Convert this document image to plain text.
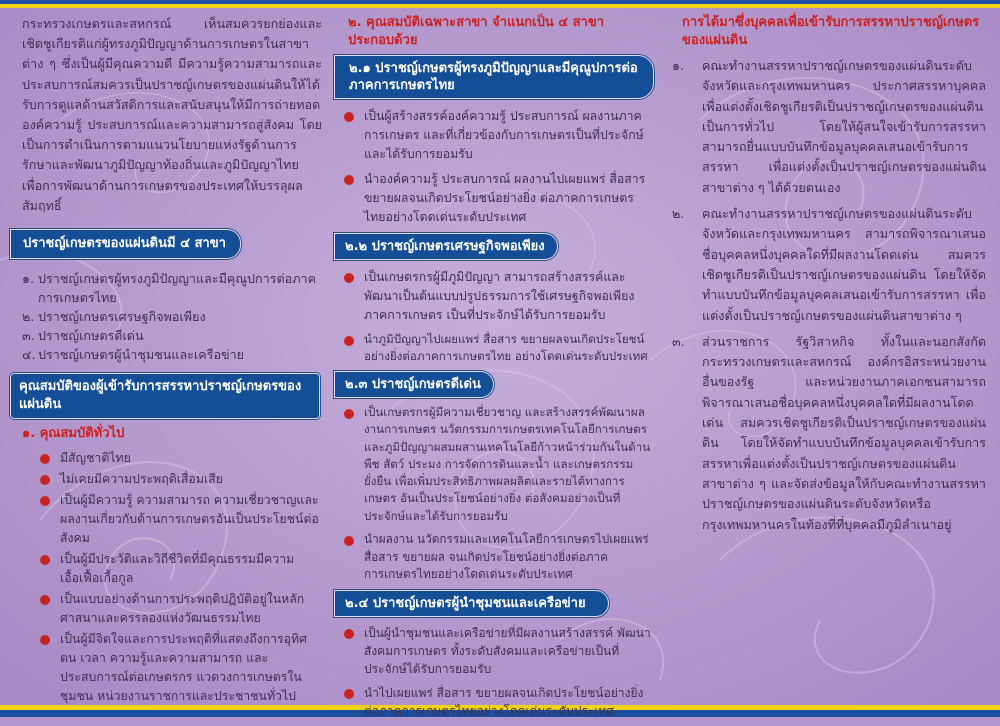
กระทรวงเกษตรและสหกรณ์ เห็นสมควรยกย่องและเชิดชูเกียรติแก่ผู้ทรงภูมิปัญญาด้านการเกษตรในสาขาต่าง ๆ ซึ่งเป็นผู้มีคุณความดี มีความรู้ความสามารถและประสบการณ์สมควรเป็นปราชญ์เกษตรของแผ่นดินให้ได้รับการดูแลด้านสวัสดิการและสนับสนุนให้มีการถ่ายทอดองค์ความรู้ ประสบการณ์และความสามารถสู่สังคม โดยเป็นการดำเนินการตามแนวนโยบายแห่งรัฐด้านการรักษาและพัฒนาภูมิปัญญาท้องถิ่นและภูมิปัญญาไทย เพื่อการพัฒนาด้านการเกษตรของประเทศให้บรรลุผลสัมฤทธิ์

ปราชญ์เกษตรของแผ่นดินมี ๔ สาขา
๑. ปราชญ์เกษตรผู้ทรงภูมิปัญญาและมีคุณูปการต่อภาคการเกษตรไทย
๒. ปราชญ์เกษตรเศรษฐกิจพอเพียง
๓. ปราชญ์เกษตรดีเด่น
๔. ปราชญ์เกษตรผู้นำชุมชนและเครือข่าย
คุณสมบัติของผู้เข้ารับการสรรหาปราชญ์เกษตรของแผ่นดิน

๑. คุณสมบัติทั่วไป

มีสัญชาติไทย
ไม่เคยมีความประพฤติเสื่อมเสีย
เป็นผู้มีความรู้ ความสามารถ ความเชี่ยวชาญและผลงานเกี่ยวกับด้านการเกษตรอันเป็นประโยชน์ต่อสังคม
เป็นผู้มีประวัติและวิถีชีวิตที่มีคุณธรรมมีความเอื้อเฟื้อเกื้อกูล
เป็นแบบอย่างด้านการประพฤติปฏิบัติอยู่ในหลักศาสนาและครรลองแห่งวัฒนธรรมไทย
เป็นผู้มีจิตใจและการประพฤติที่แสดงถึงการอุทิศตน เวลา ความรู้และความสามารถ และประสบการณ์ต่อเกษตรกร แวดวงการเกษตรในชุมชน หน่วยงานราชการและประชาชนทั่วไป

๒. คุณสมบัติเฉพาะสาขา จำแนกเป็น ๔ สาขา ประกอบด้วย

๒.๑ ปราชญ์เกษตรผู้ทรงภูมิปัญญาและมีคุณูปการต่อภาคการเกษตรไทย
เป็นผู้สร้างสรรค์องค์ความรู้ ประสบการณ์ ผลงานภาคการเกษตร และที่เกี่ยวข้องกับการเกษตรเป็นที่ประจักษ์และได้รับการยอมรับ
นำองค์ความรู้ ประสบการณ์ ผลงานไปเผยแพร่ สื่อสาร ขยายผลจนเกิดประโยชน์อย่างยิ่ง ต่อภาคการเกษตรไทยอย่างโดดเด่นระดับประเทศ
๒.๒ ปราชญ์เกษตรเศรษฐกิจพอเพียง
เป็นเกษตรกรผู้มีภูมิปัญญา สามารถสร้างสรรค์และพัฒนาเป็นต้นแบบปรูปธรรมการใช้เศรษฐกิจพอเพียงภาคการเกษตร เป็นที่ประจักษ์ได้รับการยอมรับ
นำภูมิปัญญาไปเผยแพร่ สื่อสาร ขยายผลจนเกิดประโยชน์อย่างยิ่งต่อภาคการเกษตรไทย อย่างโดดเด่นระดับประเทศ
๒.๓ ปราชญ์เกษตรดีเด่น
เป็นเกษตรกรผู้มีความเชี่ยวชาญ และสร้างสรรค์พัฒนาผลงานการเกษตร นวัตกรรมการเกษตรเทคโนโลยีการเกษตร และภูมิปัญญาผสมผสานเทคโนโลยีก้าวหน้าร่วมกันในด้านพืช สัตว์ ประมง การจัดการดินและน้ำ และเกษตรกรรมยั่งยืน เพื่อเพิ่มประสิทธิภาพผลผลิตและรายได้ทางการเกษตร อันเป็นประโยชน์อย่างยิ่ง ต่อสังคมอย่างเป็นที่ประจักษ์และได้รับการยอมรับ
นำผลงาน นวัตกรรมและเทคโนโลยีการเกษตรไปเผยแพร่ สื่อสาร ขยายผล จนเกิดประโยชน์อย่างยิ่งต่อภาคการเกษตรไทยอย่างโดดเด่นระดับประเทศ
๒.๔ ปราชญ์เกษตรผู้นำชุมชนและเครือข่าย
เป็นผู้นำชุมชนและเครือข่ายที่มีผลงานสร้างสรรค์ พัฒนาสังคมการเกษตร ทั้งระดับสังคมและเครือข่ายเป็นที่ประจักษ์ได้รับการยอมรับ
นำไปเผยแพร่ สื่อสาร ขยายผลจนเกิดประโยชน์อย่างยิ่งต่อภาคการเกษตรไทยอย่างโดดเด่นระดับประเทศ

การได้มาซึ่งบุคคลเพื่อเข้ารับการสรรหาปราชญ์เกษตรของแผ่นดิน

๑.	คณะทำงานสรรหาปราชญ์เกษตรของแผ่นดินระดับจังหวัดและกรุงเทพมหานคร ประกาศสรรหาบุคคลเพื่อแต่งตั้งเชิดชูเกียรติเป็นปราชญ์เกษตรของแผ่นดินเป็นการทั่วไป โดยให้ผู้สนใจเข้ารับการสรรหาสามารถยื่นแบบบันทึกข้อมูลบุคคลเสนอเข้ารับการสรรหา เพื่อแต่งตั้งเป็นปราชญ์เกษตรของแผ่นดินสาขาต่าง ๆ ได้ด้วยตนเอง
๒.	คณะทำงานสรรหาปราชญ์เกษตรของแผ่นดินระดับจังหวัดและกรุงเทพมหานคร สามารถพิจารณาเสนอชื่อบุคคลหนึ่งบุคคลใดที่มีผลงานโดดเด่น สมควรเชิดชูเกียรติเป็นปราชญ์เกษตรของแผ่นดิน โดยให้จัดทำแบบบันทึกข้อมูลบุคคลเสนอเข้ารับการสรรหา เพื่อแต่งตั้งเป็นปราชญ์เกษตรของแผ่นดินสาขาต่าง ๆ
๓.	ส่วนราชการ รัฐวิสาหกิจ ทั้งในและนอกสังกัดกระทรวงเกษตรและสหกรณ์ องค์กรอิสระหน่วยงานอื่นของรัฐ และหน่วยงานภาคเอกชนสามารถพิจารณาเสนอชื่อบุคคลหนึ่งบุคคลใดที่มีผลงานโดดเด่น สมควรเชิดชูเกียรติเป็นปราชญ์เกษตรของแผ่นดิน โดยให้จัดทำแบบบันทึกข้อมูลบุคคลเข้ารับการสรรหาเพื่อแต่งตั้งเป็นปราชญ์เกษตรของแผ่นดินสาขาต่าง ๆ และจัดส่งข้อมูลให้กับคณะทำงานสรรหาปราชญ์เกษตรของแผ่นดินระดับจังหวัดหรือกรุงเทพมหานครในท้องที่ที่บุคคลมีภูมิลำเนาอยู่
